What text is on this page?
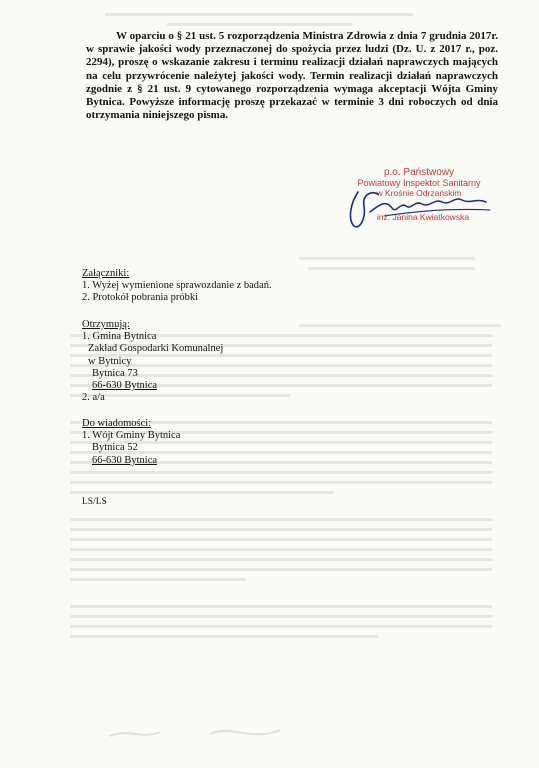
W oparciu o § 21 ust. 5 rozporządzenia Ministra Zdrowia z dnia 7 grudnia 2017r. w sprawie jakości wody przeznaczonej do spożycia przez ludzi (Dz. U. z 2017 r., poz. 2294), proszę o wskazanie zakresu i terminu realizacji działań naprawczych mających na celu przywrócenie należytej jakości wody. Termin realizacji działań naprawczych zgodnie z § 21 ust. 9 cytowanego rozporządzenia wymaga akceptacji Wójta Gminy Bytnica. Powyższe informację proszę przekazać w terminie 3 dni roboczych od dnia otrzymania niniejszego pisma.
p.o. Państwowy
Powiatowy Inspektor Sanitarny
w Krośnie Odrzańskim
inż. Janina Kwiatkowska
Załączniki:
1. Wyżej wymienione sprawozdanie z badań.
2. Protokół pobrania próbki
Otrzymują:
1. Gmina Bytnica
Zakład Gospodarki Komunalnej
w Bytnicy
Bytnica 73
66-630 Bytnica
2. a/a
Do wiadomości:
1. Wójt Gminy Bytnica
Bytnica 52
66-630 Bytnica
LS/LS
